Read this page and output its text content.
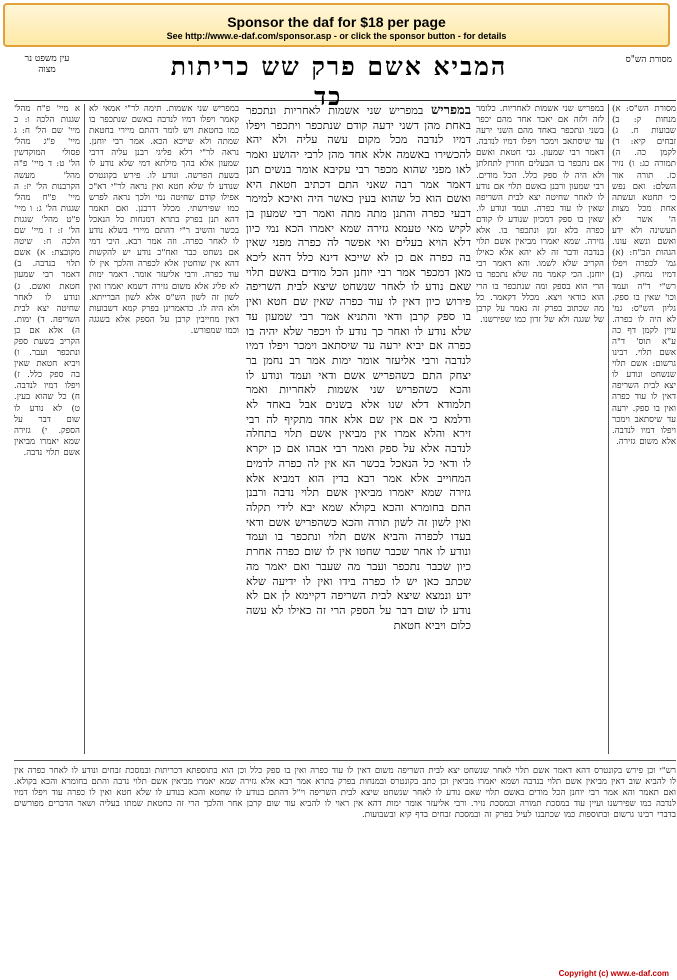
Sponsor the daf for $18 per page
See http://www.e-daf.com/sponsor.asp - or click the sponsor button - for details
עין משפט נר מצוה	המביא אשם פרק שש כריתות   כד
מסורת הש"ס
א מיי' פ"ח מהל' שגגות הלכה ו: ב מיי' שם הל' ח: ג מיי' פ"ג מהל' פסולי המוקדשין הל' ט: ד מיי' פ"ה מהל' מעשה הקרבנות הל' יז: ה מיי' פ"ח מהל' שגגות הל' ג: ו מיי' פ"ט מהל' שגגות הל' ז: ז מיי' שם הלכה ח: שיטה מקובצת: א) אשם תלוי בנדבה. ב) דאמר רבי שמעון חטאת ואשם. ג) ונודע לו לאחר שחיטה יצא לבית השריפה. ד) ימות. ה) אלא אם כן הקריב בשעת ספק ונתכפר ועבר. ו) ויביא חטאת שאין בה ספק כלל. ז) ויפלו דמיו לנדבה. ח) כל שהוא בעין. ט) לא נודע לו שום דבר על הספק. י) גזירה שמא יאמרו מביאין אשם תלוי נדבה.
במפריש שני אשמות. תימה לר"י אמאי לא קאמר ויפלו דמיו לנדבה באשם שנתכפר בו כמו בחטאת ויש לומר דהתם מיירי בחטאת שמתה ולא שייכא הכא. אמר רבי יוחנן. נראה לר"י דלא פליגי רבנן עליה דרבי שמעון אלא בהך מילתא דמי שלא נודע לו בשעת הפרשה. ונודע לו. פירש בקונטרס שנודע לו שלא חטא ואין נראה לר"י דא"כ אפילו קודם שחיטה נמי ולכך נראה לפרש כמו שפירשתי. מכלל דרבנן. ואם תאמר דהא תנן בפרק בתרא דמנחות כל הנאכל בכשר והשיב ר"י דהתם מיירי בשלא נודע לו לאחר כפרה. וזה אמר רבא. היכי דמי אם נשחט כבר ואח"כ נודע יש להקשות דהא אין שוחטין אלא לכפרה והלכך אין לו עוד כפרה. ורבי אליעזר אומר. דאמר ימות לא פליג אלא משום גזירה דשמא יאמרו ואין לשון זה לשון הש"ס אלא לשון הברייתא. ולא היה לו. כדאמרינן בפרק קמא דשבועות דאין מחייבין קרבן על הספק אלא בשגגה וכמו שמפורש.
במפריש במפריש שני אשמות לאחריות ונתכפר באחת מהן דשני ידעה קודם שנתכפר ויתכפר ויפלו דמיו לנדבה מכל מקום עשה עליה ולא יהא להכשירו באשמה אלא אחד מהן לרבי יהושע ואמר לאו מפני שהוא מכפר רבי עקיבא אומר בנשים תנן דאמר אמר רבה שאני התם דכתיב חטאת היא ואשם הוא כל שהוא בעין כאשר היה ואיכא למימר דבעי כפרה והתנן מתה מתה ואמר רבי שמעון בן לקיש מאי טעמא גזירה שמא יאמרו הכא נמי כיון דלא הויא בעלים ואי אפשר לה כפרה מפני שאין בה כפרה אם כן לא שייכא דינא כלל דהא ליכא מאן דמכפר אמר רבי יוחנן הכל מודים באשם תלוי שאם נודע לו לאחר שנשחט שיצא לבית השריפה פירוש כיון דאין לו עוד כפרה שאין שם חטא ואין בו ספק קרבן ודאי והתניא אמר רבי שמעון עד שלא נודע לו ואחר כך נודע לו ויכפר שלא יהיה בו כפרה אם יביא ירעה עד שיסתאב וימכר ויפלו דמיו לנדבה ורבי אליעזר אומר ימות אמר רב נחמן בר יצחק התם כשהפריש אשם ודאי ועמד ונודע לו והכא כשהפריש שני אשמות לאחריות ואמר תלמודא דלא שנו אלא בשנים אבל באחד לא ודלמא כי אם אין שם אלא אחד מתקיף לה רבי זירא והלא אמרו אין מביאין אשם תלוי בתחלה לנדבה אלא על ספק ואמר רבי אבהו אם כן יקרא לו ודאי כל הנאכל בכשר הא אין לה כפרה לדמים המחוייב אלא אמר רבא בדין הוא דמביא אלא גזירה שמא יאמרו מביאין אשם תלוי נדבה ורבנן התם בחומרא והכא בקולא שמא יבא לידי תקלה ואין לשון זה לשון תורה והכא כשהפריש אשם ודאי בעדו לכפרה והביא אשם תלוי ונתכפר בו ועמד ונודע לו אחר שכבר שחטו אין לו שום כפרה אחרת כיון שכבר נתכפר ועבר מה שעבר ואם יאמר מה שכתב כאן יש לו כפרה בידו ואין לו ידיעה שלא ידע ונמצא שיצא לבית השריפה דקיימא לן אם לא נודע לו שום דבר על הספק הרי זה כאילו לא עשה כלום ויביא חטאת
במפריש שני אשמות לאחריות. כלומר לזה ולזה אם יאבד אחד מהם יכפר בשני ונתכפר באחד מהם השני ירעה עד שיסתאב וימכר ויפלו דמיו לנדבה. דאמר רבי שמעון. גבי חטאת ואשם אם נתכפר בו הבעלים חוזרין לתחלתן ולא היה לו ספק כלל. הכל מודים. רבי שמעון ורבנן באשם תלוי אם נודע לו לאחר שחיטה יצא לבית השריפה שאין לו עוד כפרה. ועמד ונודע לו. שאין בו ספק דמכיון שנודע לו קודם כפרה בלא זמן ונתכפר בו. אלא גזירה. שמא יאמרו מביאין אשם תלוי בנדבה ודבר זה לא יהא אלא כאילו הקריב שלא לשמו. והא דאמר רבי יוחנן. הכי קאמר מה שלא נתכפר בו הרי הוא בספק ומה שנתכפר בו הרי הוא כודאי ויצא. מכלל דקאמר. כל מה שכתוב בפרק זה נאמר על קרבן של שגגה ולא של זדון כמו שפירשנו.
מסורת הש"ס: א) מנחות ק: ב) שבועות ח. ג) זבחים קיא: ד) לקמן כה. ה) תמורה כג: ו) נזיר כז. תורה אור השלם: ואם נפש כי תחטא ועשתה אחת מכל מצות ה' אשר לא תעשינה ולא ידע ואשם ונשא עונו. הגהות הב"ח: (א) גמ' לכפרה ויפלו דמיו נמחק. (ב) רש"י ד"ה ועמד וכו' שאין בו ספק. גליון הש"ס: גמ' לא היה לו כפרה. עיין לקמן דף כה ע"א תוס' ד"ה אשם תלוי. רבינו גרשום: אשם תלוי שנשחט ונודע לו יצא לבית השריפה דאין לו עוד כפרה ואין בו ספק. ירעה עד שיסתאב וימכר ויפלו דמיו לנדבה. אלא משום גזירה.
רש"י וכן פירש בקונטרס דהא דאמר אשם תלוי לאחר שנשחט יצא לבית השריפה משום דאין לו עוד כפרה ואין בו ספק כלל וכן הוא בתוספתא דכריתות ובמסכת זבחים ונודע לו לאחר כפרה אין לו להביא שוב דאין מביאין אשם תלוי בנדבה ושמא יאמרו מביאין וכן כתב בקונטרס ובמנחות בפרק בתרא אמר רבא אלא גזירה שמא יאמרו מביאין אשם תלוי נדבה והתם בחומרא והכא בקולא. ואם תאמר והא אמר רבי יוחנן הכל מודים באשם תלוי שאם נודע לו לאחר שנשחט שיצא לבית השריפה וי"ל דהתם בנודע לו שחטא והכא בנודע לו שלא חטא ואין לו כפרה עוד ויפלו דמיו לנדבה כמו שפירשנו ועיין עוד במסכת תמורה ובמסכת נזיר. ורבי אליעזר אומר ימות דהא אין ראוי לו להביא עוד שום קרבן אחר והלכך הרי זה כחטאת שמתו בעליה ושאר הדברים מפורשים בדברי רבינו גרשום ובתוספות כמו שכתבנו לעיל בפרק זה ובמסכת זבחים בדף קיא ובשבועות.
Copyright (c) www.e-daf.com
